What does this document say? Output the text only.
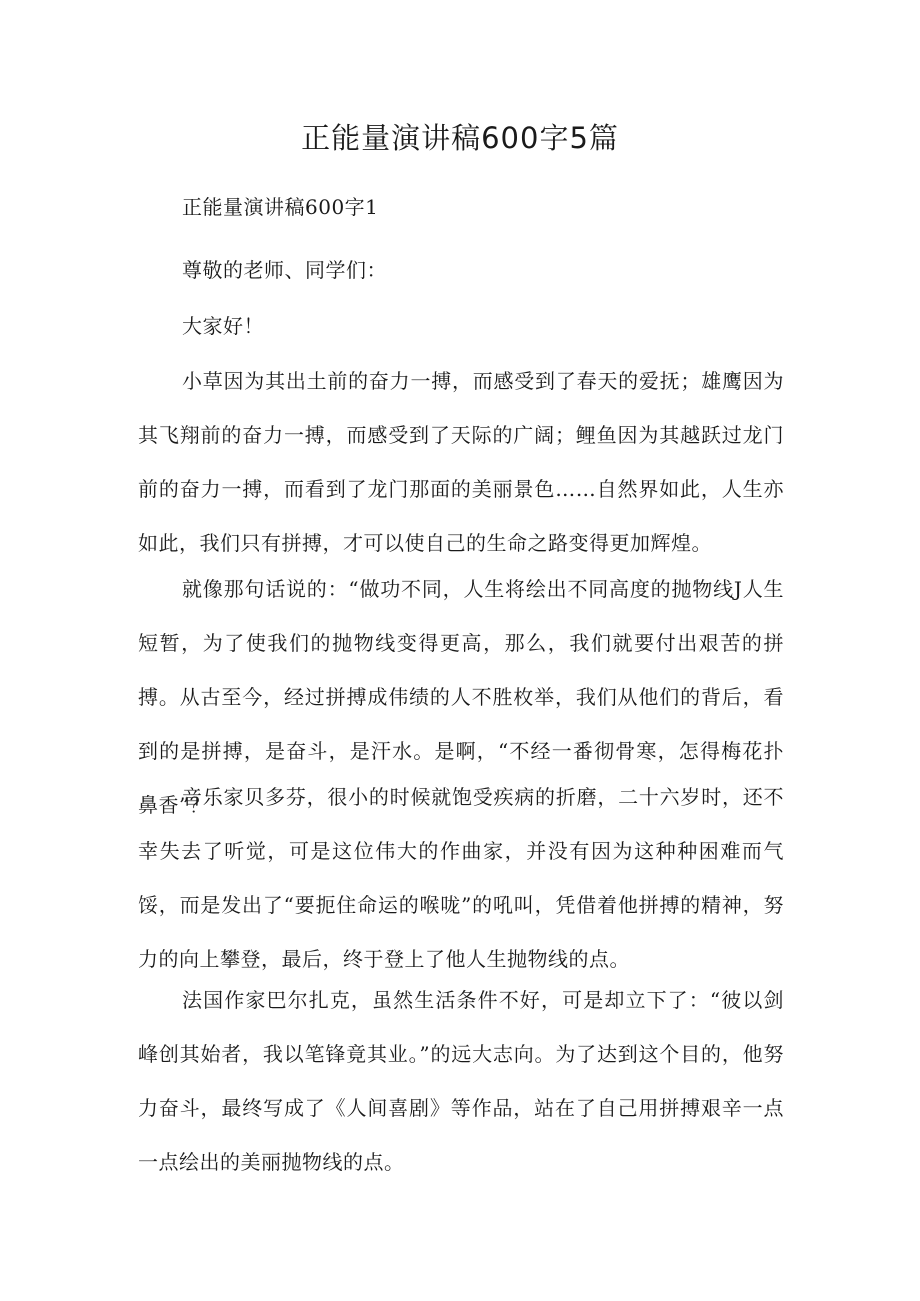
正能量演讲稿600字5篇
正能量演讲稿600字1
尊敬的老师、同学们：
大家好！

小草因为其出土前的奋力一搏，而感受到了春天的爱抚；雄鹰因为其飞翔前的奋力一搏，而感受到了天际的广阔；鲤鱼因为其越跃过龙门前的奋力一搏，而看到了龙门那面的美丽景色……自然界如此，人生亦如此，我们只有拼搏，才可以使自己的生命之路变得更加辉煌。

就像那句话说的：“做功不同，人生将绘出不同高度的抛物线J人生短暂，为了使我们的抛物线变得更高，那么，我们就要付出艰苦的拼搏。从古至今，经过拼搏成伟绩的人不胜枚举，我们从他们的背后，看到的是拼搏，是奋斗，是汗水。是啊，“不经一番彻骨寒，怎得梅花扑鼻香”？

音乐家贝多芬，很小的时候就饱受疾病的折磨，二十六岁时，还不幸失去了听觉，可是这位伟大的作曲家，并没有因为这种种困难而气馁，而是发出了“要扼住命运的喉咙”的吼叫，凭借着他拼搏的精神，努力的向上攀登，最后，终于登上了他人生抛物线的点。

法国作家巴尔扎克，虽然生活条件不好，可是却立下了：“彼以剑峰创其始者，我以笔锋竟其业。”的远大志向。为了达到这个目的，他努力奋斗，最终写成了《人间喜剧》等作品，站在了自己用拼搏艰辛一点一点绘出的美丽抛物线的点。
